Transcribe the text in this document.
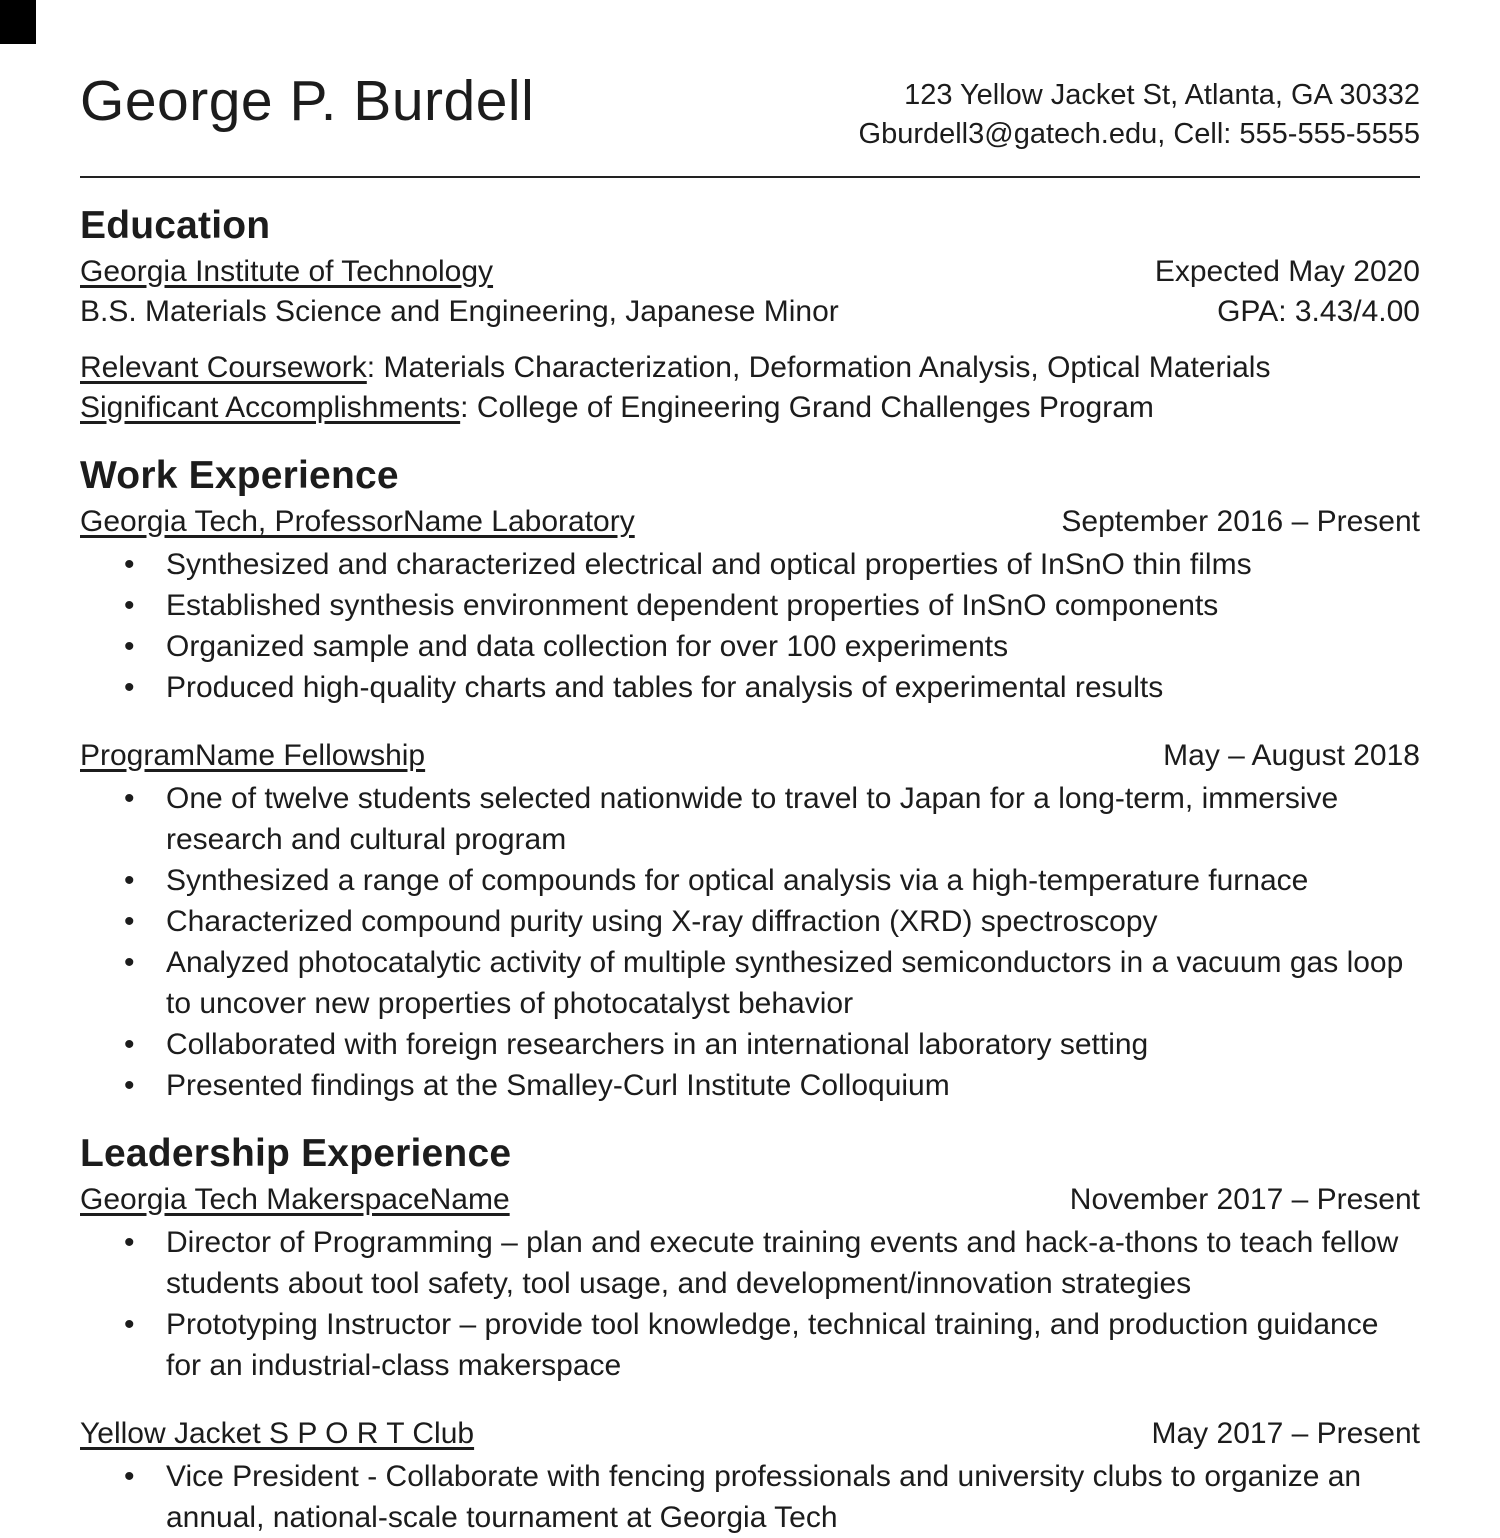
George P. Burdell	123 Yellow Jacket St, Atlanta, GA 30332
Gburdell3@gatech.edu, Cell: 555-555-5555
Education
Georgia Institute of Technology	Expected May 2020
B.S. Materials Science and Engineering, Japanese Minor	GPA: 3.43/4.00
Relevant Coursework: Materials Characterization, Deformation Analysis, Optical Materials
Significant Accomplishments: College of Engineering Grand Challenges Program
Work Experience
Georgia Tech, ProfessorName Laboratory	September 2016 – Present
• Synthesized and characterized electrical and optical properties of InSnO thin films
• Established synthesis environment dependent properties of InSnO components
• Organized sample and data collection for over 100 experiments
• Produced high-quality charts and tables for analysis of experimental results
ProgramName Fellowship	May – August 2018
• One of twelve students selected nationwide to travel to Japan for a long-term, immersive research and cultural program
• Synthesized a range of compounds for optical analysis via a high-temperature furnace
• Characterized compound purity using X-ray diffraction (XRD) spectroscopy
• Analyzed photocatalytic activity of multiple synthesized semiconductors in a vacuum gas loop to uncover new properties of photocatalyst behavior
• Collaborated with foreign researchers in an international laboratory setting
• Presented findings at the Smalley-Curl Institute Colloquium
Leadership Experience
Georgia Tech MakerspaceName	November 2017 – Present
• Director of Programming – plan and execute training events and hack-a-thons to teach fellow students about tool safety, tool usage, and development/innovation strategies
• Prototyping Instructor – provide tool knowledge, technical training, and production guidance for an industrial-class makerspace
Yellow Jacket S P O R T Club	May 2017 – Present
• Vice President - Collaborate with fencing professionals and university clubs to organize an annual, national-scale tournament at Georgia Tech
